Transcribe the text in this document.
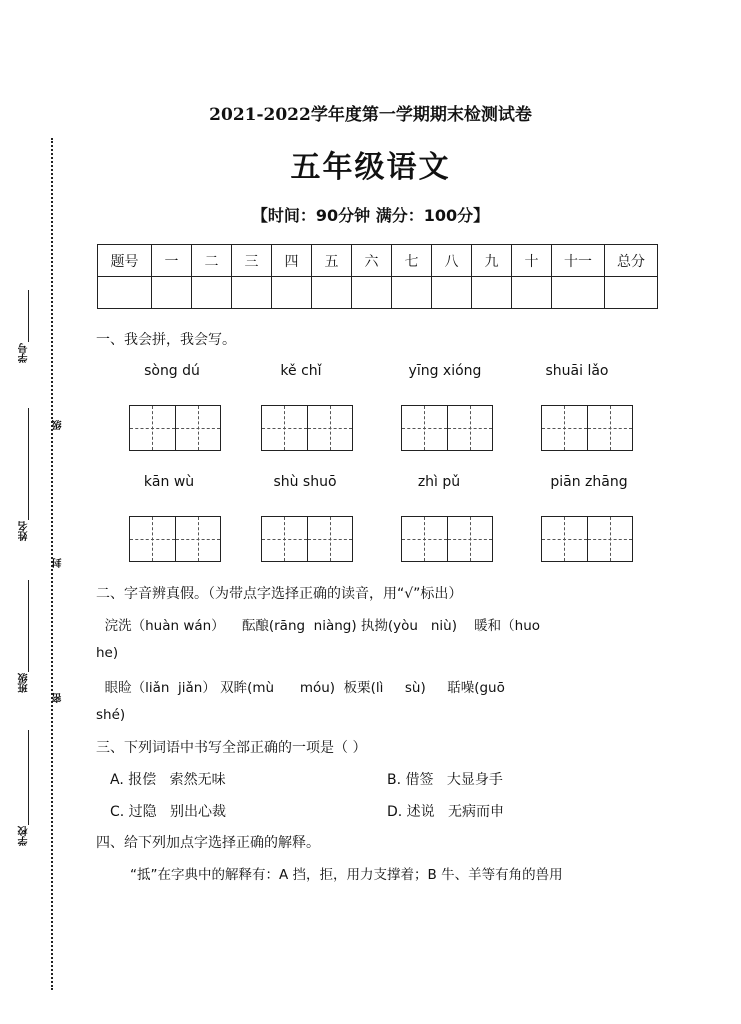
2021-2022学年度第一学期期末检测试卷
五年级语文
【时间：90分钟 满分：100分】
学号
级
姓名
封
班级
密
学校
题号	一	二	三	四	五	六	七	八	九	十	十一	总分

一、我会拼，我会写。
sòng dú	kě chǐ	yīng xióng	shuāi lǎo
kān wù	shù shuō	zhì pǔ	piān zhāng
二、字音辨真假。（为带点字选择正确的读音，用“√”标出）
浣洗（huàn wán）    酝酿(rāng  niàng) 执拗(yòu   niù)    暖和（huo
he)
眼睑（liǎn  jiǎn） 双眸(mù      móu)  板栗(lì     sù)     聒噪(guō
shé)
三、下列词语中书写全部正确的一项是（ ）
A. 报偿   索然无味	B. 借签   大显身手
C. 过隐   别出心裁	D. 述说   无病而申
四、给下列加点字选择正确的解释。
“抵”在字典中的解释有：A 挡，拒，用力支撑着；B 牛、羊等有角的兽用
